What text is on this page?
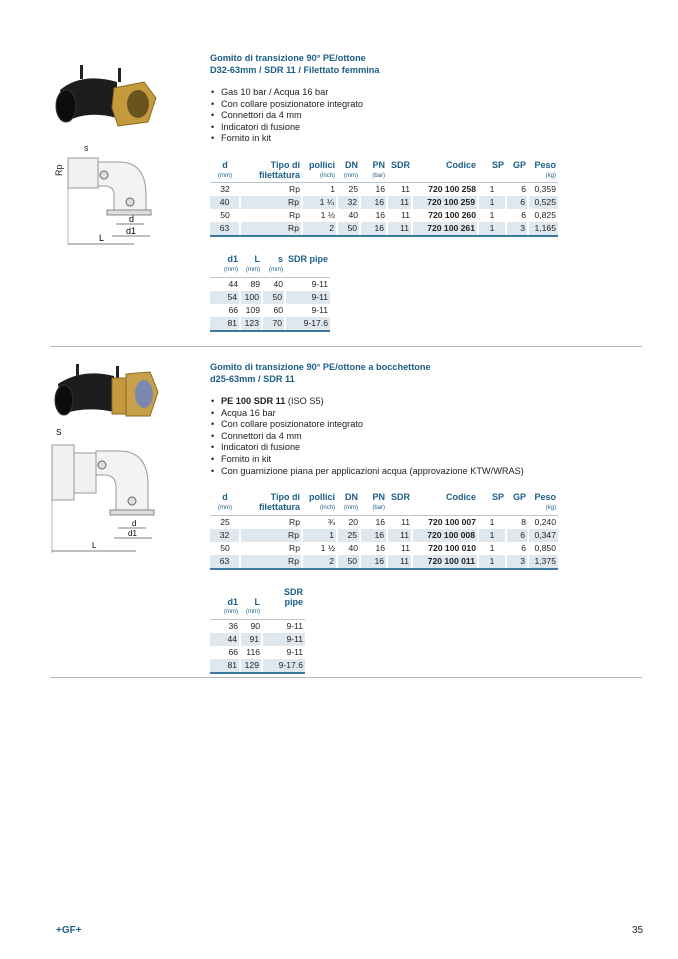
s
Rp
L
d
d1
Gomito di transizione 90° PE/ottone
D32-63mm / SDR 11 / Filettato femmina
• Gas 10 bar / Acqua 16 bar
• Con collare posizionatore integrato
• Connettori da 4 mm
• Indicatori di fusione
• Fornito in kit
d	Tipo di	pollici	DN	PN	SDR	Codice	SP	GP	Peso
(mm)	filettatura	(inch)	(mm)	(bar)					(kg)
32	Rp	1	25	16	11	720 100 258	1	6	0,359
40	Rp	1 ¼	32	16	11	720 100 259	1	6	0,525
50	Rp	1 ½	40	16	11	720 100 260	1	6	0,825
63	Rp	2	50	16	11	720 100 261	1	3	1,165
d1	L	s	SDR pipe
(mm)	(mm)	(mm)	
44	89	40	9-11
54	100	50	9-11
66	109	60	9-11
81	123	70	9-17.6
S
L
d
d1
Gomito di transizione 90° PE/ottone a bocchettone
d25-63mm / SDR 11
• PE 100 SDR 11 (ISO S5)
• Acqua 16 bar
• Con collare posizionatore integrato
• Connettori da 4 mm
• Indicatori di fusione
• Fornito in kit
• Con guarnizione piana per applicazioni acqua (approvazione KTW/WRAS)
d	Tipo di	pollici	DN	PN	SDR	Codice	SP	GP	Peso
(mm)	filettatura	(inch)	(mm)	(bar)					(kg)
25	Rp	¾	20	16	11	720 100 007	1	8	0,240
32	Rp	1	25	16	11	720 100 008	1	6	0,347
50	Rp	1 ½	40	16	11	720 100 010	1	6	0,850
63	Rp	2	50	16	11	720 100 011	1	3	1,375
d1	L	SDR pipe
(mm)	(mm)	
36	90	9-11
44	91	9-11
66	116	9-11
81	129	9-17.6
+GF+	35
